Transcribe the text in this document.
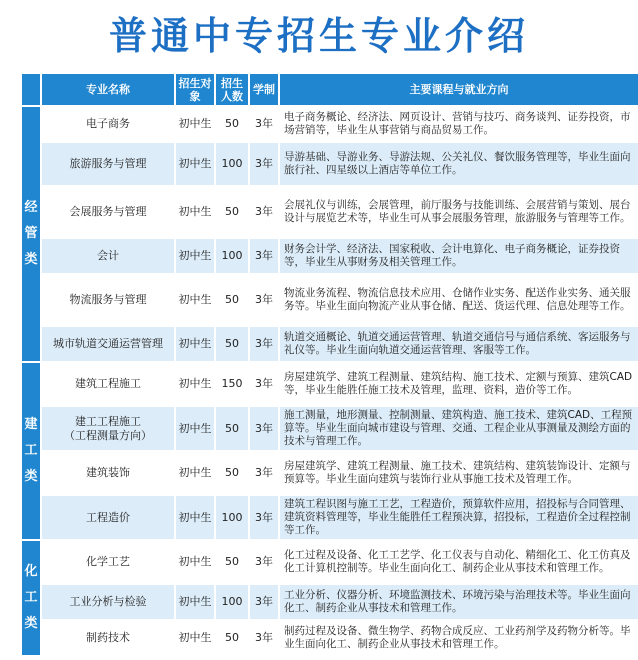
普通中专招生专业介绍
	专业名称	招生对象	招生人数	学制	主要课程与就业方向
经
管
类	电子商务	初中生	50	3年	电子商务概论、经济法、网页设计、营销与技巧、商务谈判、证券投资，市场营销等，毕业生从事营销与商品贸易工作。
	旅游服务与管理	初中生	100	3年	导游基础、导游业务、导游法规、公关礼仪、餐饮服务管理等，毕业生面向旅行社、四星级以上酒店等单位工作。
	会展服务与管理	初中生	50	3年	会展礼仪与训练，会展管理，前厅服务与技能训练、会展营销与策划、展台设计与展览艺术等，毕业生可从事会展服务管理，旅游服务与管理等工作。
	会计	初中生	100	3年	财务会计学、经济法、国家税收、会计电算化、电子商务概论，证券投资等，毕业生从事财务及相关管理工作。
	物流服务与管理	初中生	50	3年	物流业务流程、物流信息技术应用、仓储作业实务、配送作业实务、通关服务等。毕业生面向物流产业从事仓储、配送、货运代理、信息处理等工作。
	城市轨道交通运营管理	初中生	50	3年	轨道交通概论、轨道交通运营管理、轨道交通信号与通信系统、客运服务与礼仪等。毕业生面向轨道交通运营管理、客服等工作。
建
工
类	建筑工程施工	初中生	150	3年	房屋建筑学、建筑工程测量、建筑结构、施工技术、定额与预算、建筑CAD等，毕业生能胜任施工技术及管理，监理、资料，造价等工作。
	建工工程施工
（工程测量方向）	初中生	50	3年	施工测量，地形测量、控制测量、建筑构造、施工技术、建筑CAD、工程预算等。毕业生面向城市建设与管理、交通、工程企业从事测量及测绘方面的技术与管理工作。
	建筑装饰	初中生	50	3年	房屋建筑学、建筑工程测量、施工技术、建筑结构、建筑装饰设计、定额与预算等。毕业生面向建筑与装饰行业从事施工技术及管理工作。
	工程造价	初中生	100	3年	建筑工程识图与施工工艺，工程造价，预算软件应用，招投标与合同管理、建筑资料管理等，毕业生能胜任工程预决算，招投标，工程造价全过程控制等工作。
化
工
类	化学工艺	初中生	50	3年	化工过程及设备、化工工艺学、化工仪表与自动化、精细化工、化工仿真及化工计算机控制等。毕业生面向化工、制药企业从事技术和管理工作。
	工业分析与检验	初中生	100	3年	工业分析、仪器分析、环境监测技术、环境污染与治理技术等。毕业生面向化工、制药企业从事技术和管理工作。
	制药技术	初中生	50	3年	制药过程及设备、微生物学、药物合成反应、工业药剂学及药物分析等。毕业生面向化工、制药企业从事技术和管理工作。
